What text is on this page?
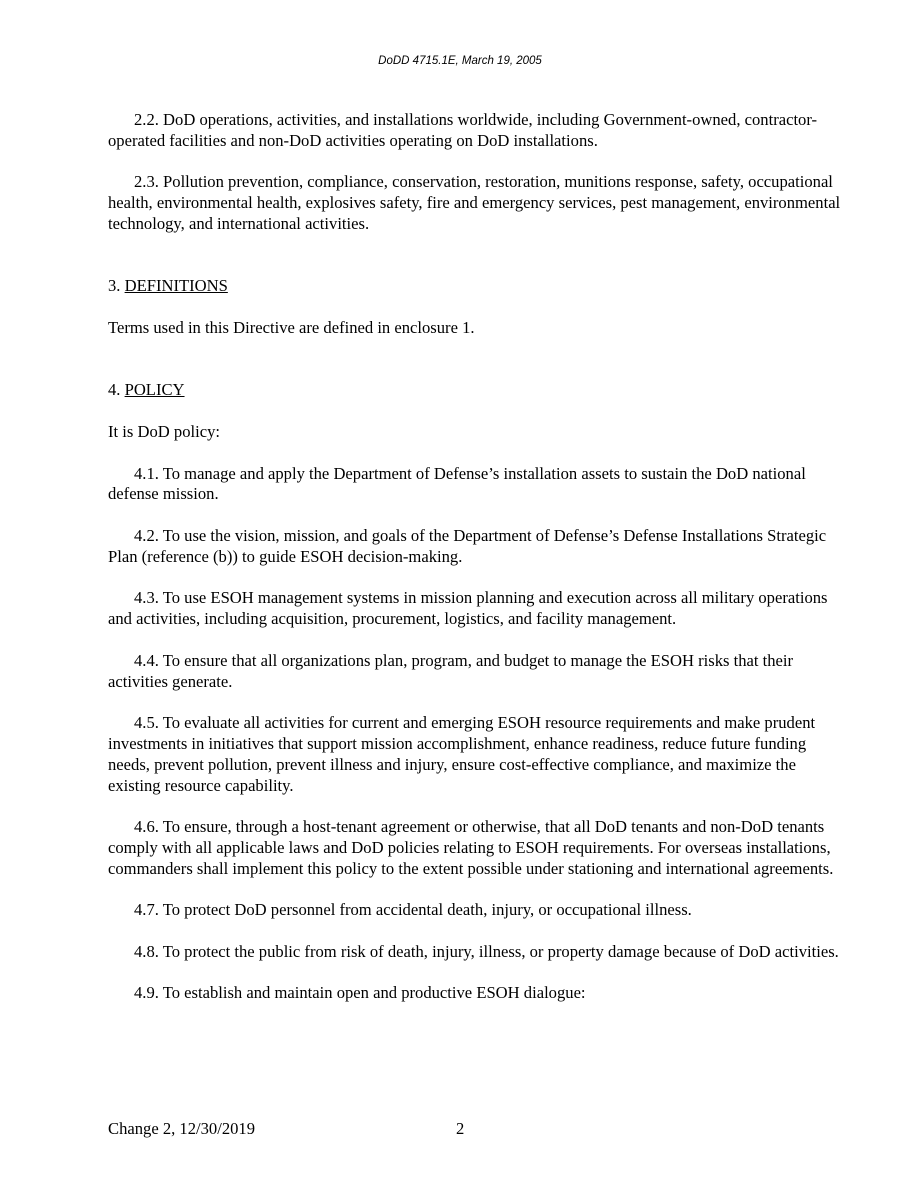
DoDD 4715.1E, March 19, 2005

2.2. DoD operations, activities, and installations worldwide, including Government-owned, contractor-operated facilities and non-DoD activities operating on DoD installations.

2.3. Pollution prevention, compliance, conservation, restoration, munitions response, safety, occupational health, environmental health, explosives safety, fire and emergency services, pest management, environmental technology, and international activities.

3. DEFINITIONS

Terms used in this Directive are defined in enclosure 1.

4. POLICY

It is DoD policy:

4.1. To manage and apply the Department of Defense’s installation assets to sustain the DoD national defense mission.

4.2. To use the vision, mission, and goals of the Department of Defense’s Defense Installations Strategic Plan (reference (b)) to guide ESOH decision-making.

4.3. To use ESOH management systems in mission planning and execution across all military operations and activities, including acquisition, procurement, logistics, and facility management.

4.4. To ensure that all organizations plan, program, and budget to manage the ESOH risks that their activities generate.

4.5. To evaluate all activities for current and emerging ESOH resource requirements and make prudent investments in initiatives that support mission accomplishment, enhance readiness, reduce future funding needs, prevent pollution, prevent illness and injury, ensure cost-effective compliance, and maximize the existing resource capability.

4.6. To ensure, through a host-tenant agreement or otherwise, that all DoD tenants and non-DoD tenants comply with all applicable laws and DoD policies relating to ESOH requirements. For overseas installations, commanders shall implement this policy to the extent possible under stationing and international agreements.

4.7. To protect DoD personnel from accidental death, injury, or occupational illness.

4.8. To protect the public from risk of death, injury, illness, or property damage because of DoD activities.

4.9. To establish and maintain open and productive ESOH dialogue:

Change 2, 12/30/2019	2
